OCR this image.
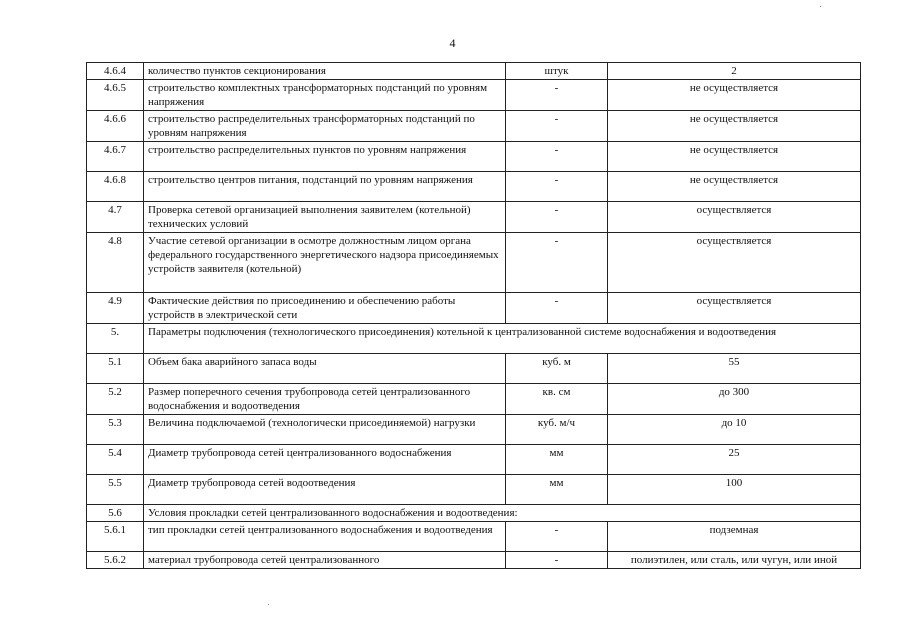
4
4.6.4	количество пунктов секционирования	штук	2
4.6.5	строительство комплектных трансформаторных подстанций по уровням напряжения	-	не осуществляется
4.6.6	строительство распределительных трансформаторных подстанций по уровням напряжения	-	не осуществляется
4.6.7	строительство распределительных пунктов по уровням напряжения	-	не осуществляется
4.6.8	строительство центров питания, подстанций по уровням напряжения	-	не осуществляется
4.7	Проверка сетевой организацией выполнения заявителем (котельной) технических условий	-	осуществляется
4.8	Участие сетевой организации в осмотре должностным лицом органа федерального государственного энергетического надзора присоединяемых устройств заявителя (котельной)	-	осуществляется
4.9	Фактические действия по присоединению и обеспечению работы устройств в электрической сети	-	осуществляется
5.	Параметры подключения (технологического присоединения) котельной к централизованной системе водоснабжения и водоотведения		
5.1	Объем бака аварийного запаса воды	куб. м	55
5.2	Размер поперечного сечения трубопровода сетей централизованного водоснабжения и водоотведения	кв. см	до 300
5.3	Величина подключаемой (технологически присоединяемой) нагрузки	куб. м/ч	до 10
5.4	Диаметр трубопровода сетей централизованного водоснабжения	мм	25
5.5	Диаметр трубопровода сетей водоотведения	мм	100
5.6	Условия прокладки сетей централизованного водоснабжения и водоотведения:		
5.6.1	тип прокладки сетей централизованного водоснабжения и водоотведения	-	подземная
5.6.2	материал трубопровода сетей централизованного	-	полиэтилен, или сталь, или чугун, или иной
